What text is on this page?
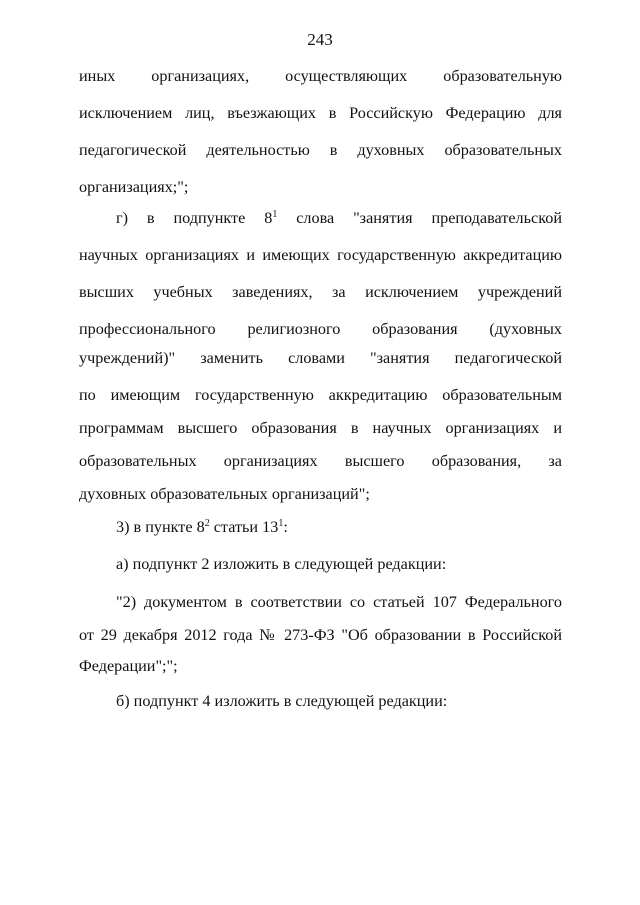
243
иных организациях, осуществляющих образовательную
исключением лиц, въезжающих в Российскую Федерацию для
педагогической деятельностью в духовных образовательных
организациях;";
г) в подпункте $8^1$ слова "занятия преподавательской
научных организациях и имеющих государственную аккредитацию
высших учебных заведениях, за исключением учреждений
профессионального религиозного образования (духовных
учреждений)" заменить словами "занятия педагогической
по имеющим государственную аккредитацию образовательным
программам высшего образования в научных организациях и
образовательных организациях высшего образования, за
духовных образовательных организаций";
3) в пункте $8^2$ статьи $13^1$:
а) подпункт 2 изложить в следующей редакции:
"2) документом в соответствии со статьей 107 Федерального
от 29 декабря 2012 года № 273-ФЗ "Об образовании в Российской
Федерации";";
б) подпункт 4 изложить в следующей редакции:
